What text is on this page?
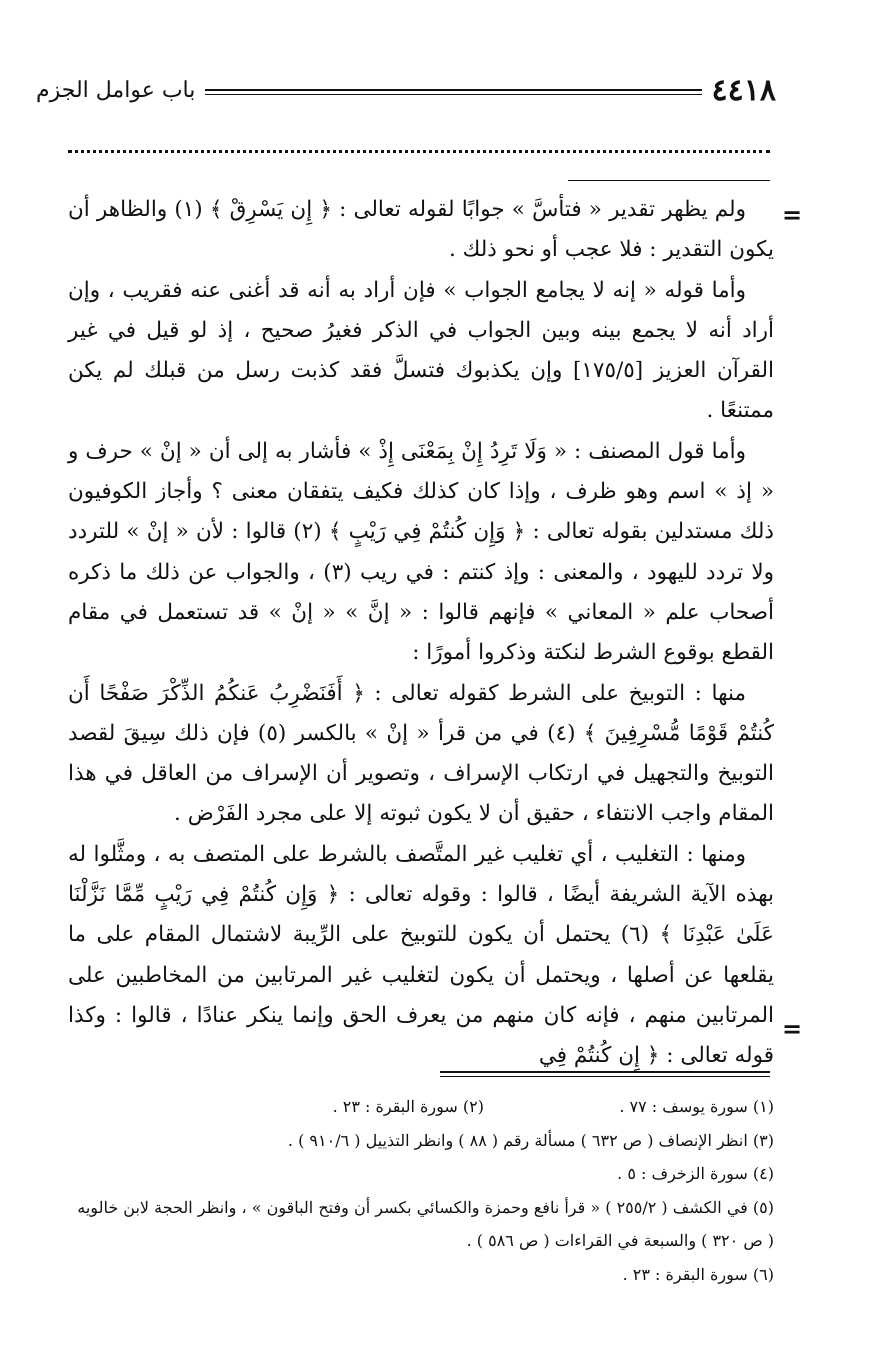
٤٤١٨
باب عوامل الجزم
=
=

ولم يظهر تقدير « فتأسَّ » جوابًا لقوله تعالى : ﴿ إِن يَسْرِقْ ﴾ (١) والظاهر أن يكون التقدير : فلا عجب أو نحو ذلك .

وأما قوله « إنه لا يجامع الجواب » فإن أراد به أنه قد أغنى عنه فقريب ، وإن أراد أنه لا يجمع بينه وبين الجواب في الذكر فغيرُ صحيح ، إذ لو قيل في غير القرآن العزيز [١٧٥/٥] وإن يكذبوك فتسلَّ فقد كذبت رسل من قبلك لم يكن ممتنعًا .

وأما قول المصنف : « وَلَا تَرِدُ إِنْ بِمَعْنَى إِذْ » فأشار به إلى أن « إنْ » حرف و « إذ » اسم وهو ظرف ، وإذا كان كذلك فكيف يتفقان معنى ؟ وأجاز الكوفيون ذلك مستدلين بقوله تعالى : ﴿ وَإِن كُنتُمْ فِي رَيْبٍ ﴾ (٢) قالوا : لأن « إنْ » للتردد ولا تردد لليهود ، والمعنى : وإذ كنتم : في ريب (٣) ، والجواب عن ذلك ما ذكره أصحاب علم « المعاني » فإنهم قالوا : « إنَّ » « إنْ » قد تستعمل في مقام القطع بوقوع الشرط لنكتة وذكروا أمورًا :

منها : التوبيخ على الشرط كقوله تعالى : ﴿ أَفَنَضْرِبُ عَنكُمُ الذِّكْرَ صَفْحًا أَن كُنتُمْ قَوْمًا مُّسْرِفِينَ ﴾ (٤) في من قرأ « إنْ » بالكسر (٥) فإن ذلك سِيقَ لقصد التوبيخ والتجهيل في ارتكاب الإسراف ، وتصوير أن الإسراف من العاقل في هذا المقام واجب الانتفاء ، حقيق أن لا يكون ثبوته إلا على مجرد الفَرْض .

ومنها : التغليب ، أي تغليب غير المتَّصف بالشرط على المتصف به ، ومثَّلوا له بهذه الآية الشريفة أيضًا ، قالوا : وقوله تعالى : ﴿ وَإِن كُنتُمْ فِي رَيْبٍ مِّمَّا نَزَّلْنَا عَلَىٰ عَبْدِنَا ﴾ (٦) يحتمل أن يكون للتوبيخ على الرِّيبة لاشتمال المقام على ما يقلعها عن أصلها ، ويحتمل أن يكون لتغليب غير المرتابين من المخاطبين على المرتابين منهم ، فإنه كان منهم من يعرف الحق وإنما ينكر عنادًا ، قالوا : وكذا قوله تعالى : ﴿ إِن كُنتُمْ فِي

(١) سورة يوسف : ٧٧ .
(٢) سورة البقرة : ٢٣ .
(٣) انظر الإنصاف ( ص ٦٣٢ ) مسألة رقم ( ٨٨ ) وانظر التذييل ( ٩١٠/٦ ) .
(٤) سورة الزخرف : ٥ .
(٥) في الكشف ( ٢٥٥/٢ ) « قرأ نافع وحمزة والكسائي بكسر أن وفتح الباقون » ، وانظر الحجة لابن خالويه ( ص ٣٢٠ ) والسبعة في القراءات ( ص ٥٨٦ ) .
(٦) سورة البقرة : ٢٣ .
